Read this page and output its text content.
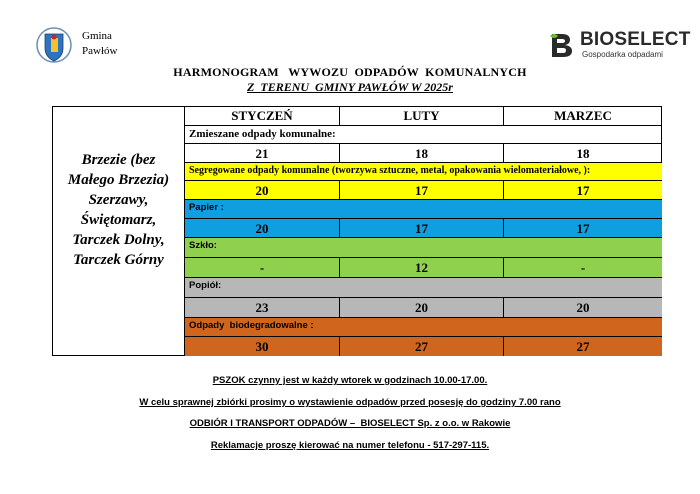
Gmina
Pawłów
BIOSELECT
Gospodarka odpadami
HARMONOGRAM   WYWOZU  ODPADÓW  KOMUNALNYCH
Z  TERENU  GMINY PAWŁÓW W 2025r
Brzezie (bez
Małego Brzezia)
Szerzawy,
Świętomarz,
Tarczek Dolny,
Tarczek Górny
STYCZEŃ	LUTY	MARZEC
Zmieszane odpady komunalne:
21	18	18
Segregowane odpady komunalne (tworzywa sztuczne, metal, opakowania wielomateriałowe, ):
20	17	17
Papier :
20	17	17
Szkło:
-	12	-
Popiół:
23	20	20
Odpady  biodegradowalne :
30	27	27
PSZOK czynny jest w każdy wtorek w godzinach 10.00-17.00.
W celu sprawnej zbiórki prosimy o wystawienie odpadów przed posesję do godziny 7.00 rano
ODBIÓR I TRANSPORT ODPADÓW –  BIOSELECT Sp. z o.o. w Rakowie
Reklamacje proszę kierować na numer telefonu - 517-297-115.
